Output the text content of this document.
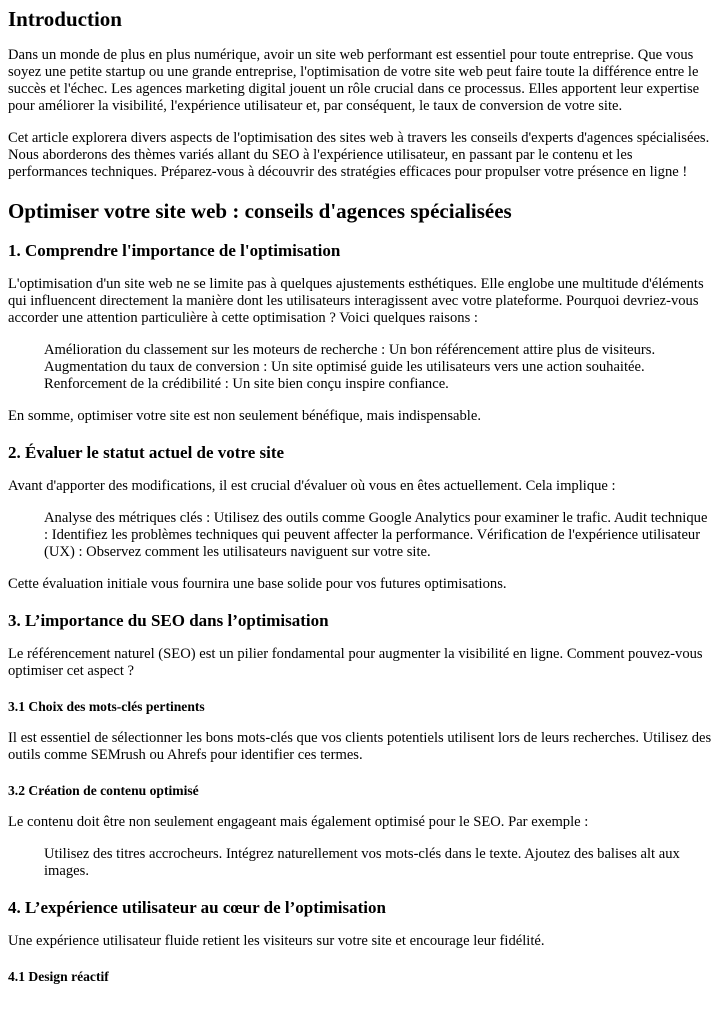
Introduction

Dans un monde de plus en plus numérique, avoir un site web performant est essentiel pour toute entreprise. Que vous soyez une petite startup ou une grande entreprise, l'optimisation de votre site web peut faire toute la différence entre le succès et l'échec. Les agences marketing digital jouent un rôle crucial dans ce processus. Elles apportent leur expertise pour améliorer la visibilité, l'expérience utilisateur et, par conséquent, le taux de conversion de votre site.

Cet article explorera divers aspects de l'optimisation des sites web à travers les conseils d'experts d'agences spécialisées. Nous aborderons des thèmes variés allant du SEO à l'expérience utilisateur, en passant par le contenu et les performances techniques. Préparez-vous à découvrir des stratégies efficaces pour propulser votre présence en ligne !

Optimiser votre site web : conseils d'agences spécialisées
1. Comprendre l'importance de l'optimisation

L'optimisation d'un site web ne se limite pas à quelques ajustements esthétiques. Elle englobe une multitude d'éléments qui influencent directement la manière dont les utilisateurs interagissent avec votre plateforme. Pourquoi devriez-vous accorder une attention particulière à cette optimisation ? Voici quelques raisons :

Amélioration du classement sur les moteurs de recherche : Un bon référencement attire plus de visiteurs.
Augmentation du taux de conversion : Un site optimisé guide les utilisateurs vers une action souhaitée.
Renforcement de la crédibilité : Un site bien conçu inspire confiance.

En somme, optimiser votre site est non seulement bénéfique, mais indispensable.

2. Évaluer le statut actuel de votre site

Avant d'apporter des modifications, il est crucial d'évaluer où vous en êtes actuellement. Cela implique :

Analyse des métriques clés : Utilisez des outils comme Google Analytics pour examiner le trafic. Audit technique : Identifiez les problèmes techniques qui peuvent affecter la performance. Vérification de l'expérience utilisateur (UX) : Observez comment les utilisateurs naviguent sur votre site.

Cette évaluation initiale vous fournira une base solide pour vos futures optimisations.

3. L’importance du SEO dans l’optimisation

Le référencement naturel (SEO) est un pilier fondamental pour augmenter la visibilité en ligne. Comment pouvez-vous optimiser cet aspect ?

3.1 Choix des mots-clés pertinents

Il est essentiel de sélectionner les bons mots-clés que vos clients potentiels utilisent lors de leurs recherches. Utilisez des outils comme SEMrush ou Ahrefs pour identifier ces termes.

3.2 Création de contenu optimisé

Le contenu doit être non seulement engageant mais également optimisé pour le SEO. Par exemple :

Utilisez des titres accrocheurs. Intégrez naturellement vos mots-clés dans le texte. Ajoutez des balises alt aux images.
4. L’expérience utilisateur au cœur de l’optimisation

Une expérience utilisateur fluide retient les visiteurs sur votre site et encourage leur fidélité.

4.1 Design réactif
